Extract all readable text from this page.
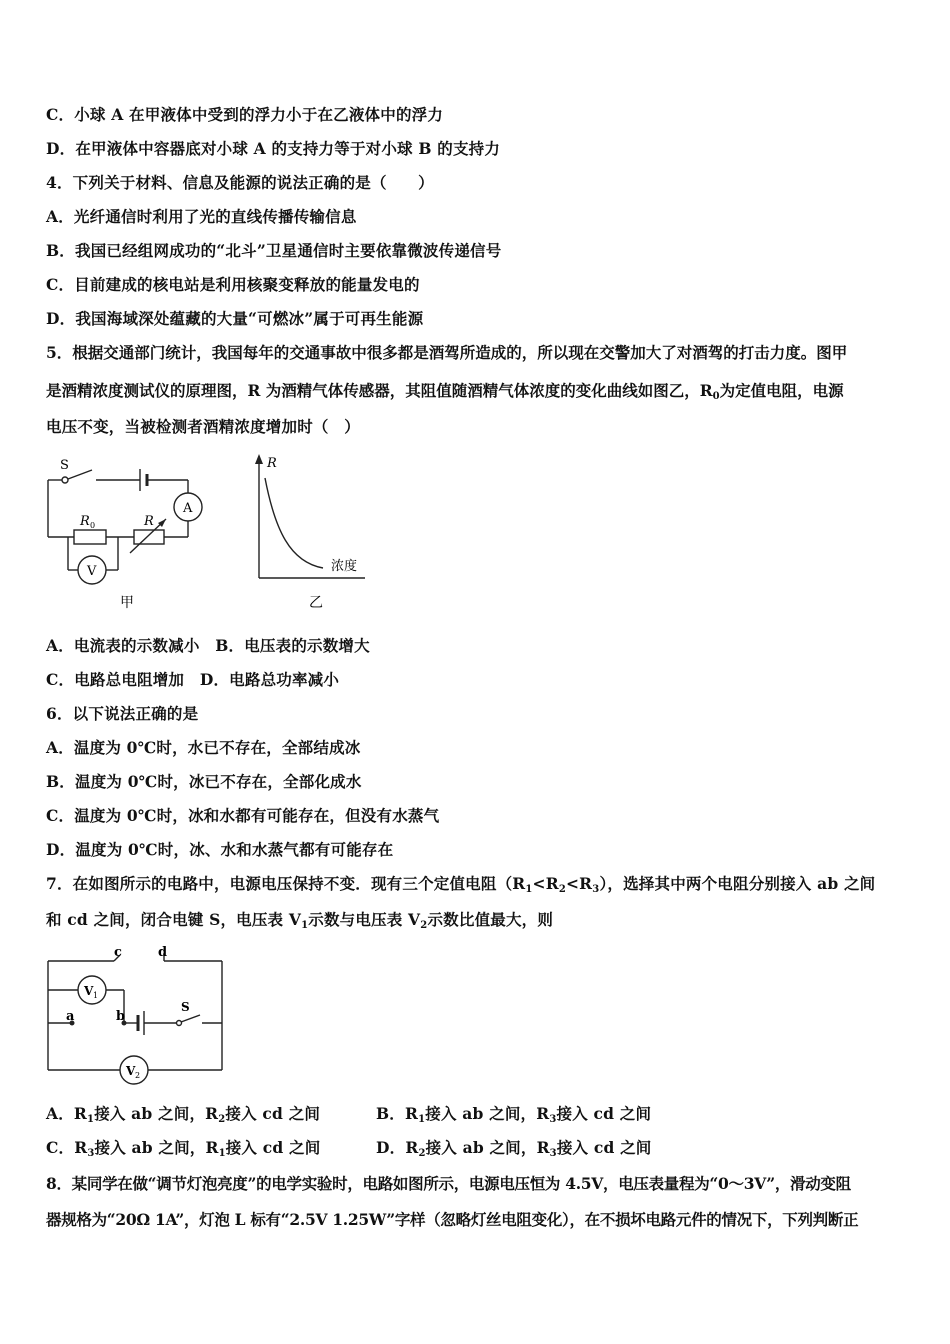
C．小球 A 在甲液体中受到的浮力小于在乙液体中的浮力
D．在甲液体中容器底对小球 A 的支持力等于对小球 B 的支持力
4．下列关于材料、信息及能源的说法正确的是（　　）
A．光纤通信时利用了光的直线传播传输信息
B．我国已经组网成功的“北斗”卫星通信时主要依靠微波传递信号
C．目前建成的核电站是利用核聚变释放的能量发电的
D．我国海域深处蕴藏的大量“可燃冰”属于可再生能源
5．根据交通部门统计，我国每年的交通事故中很多都是酒驾所造成的，所以现在交警加大了对酒驾的打击力度。图甲
是酒精浓度测试仪的原理图，R 为酒精气体传感器，其阻值随酒精气体浓度的变化曲线如图乙，$R_0$为定值电阻，电源
电压不变，当被检测者酒精浓度增加时（　）
S
A
V
R 0	R
甲
R
浓度
乙
A．电流表的示数减小　B．电压表的示数增大
C．电路总电阻增加　D．电路总功率减小
6．以下说法正确的是
A．温度为 0℃时，水已不存在，全部结成冰
B．温度为 0℃时，冰已不存在，全部化成水
C．温度为 0℃时，冰和水都有可能存在，但没有水蒸气
D．温度为 0℃时，冰、水和水蒸气都有可能存在
7．在如图所示的电路中，电源电压保持不变．现有三个定值电阻$(R_1<R_2<R_3)$，选择其中两个电阻分别接入 ab 之间
和 cd 之间，闭合电键 S，电压表 $V_1$示数与电压表 $V_2$示数比值最大，则
c	d
a	b
S
V 1
V 2
A．$R_1$接入 ab 之间，$R_2$接入 cd 之间	B．$R_1$接入 ab 之间，$R_3$接入 cd 之间
C．$R_3$接入 ab 之间，$R_1$接入 cd 之间	D．$R_2$接入 ab 之间，$R_3$接入 cd 之间
8．某同学在做“调节灯泡亮度”的电学实验时，电路如图所示，电源电压恒为 4.5V，电压表量程为“0～3V”，滑动变阻
器规格为“20Ω 1A”，灯泡 L 标有“2.5V 1.25W”字样（忽略灯丝电阻变化），在不损坏电路元件的情况下，下列判断正
